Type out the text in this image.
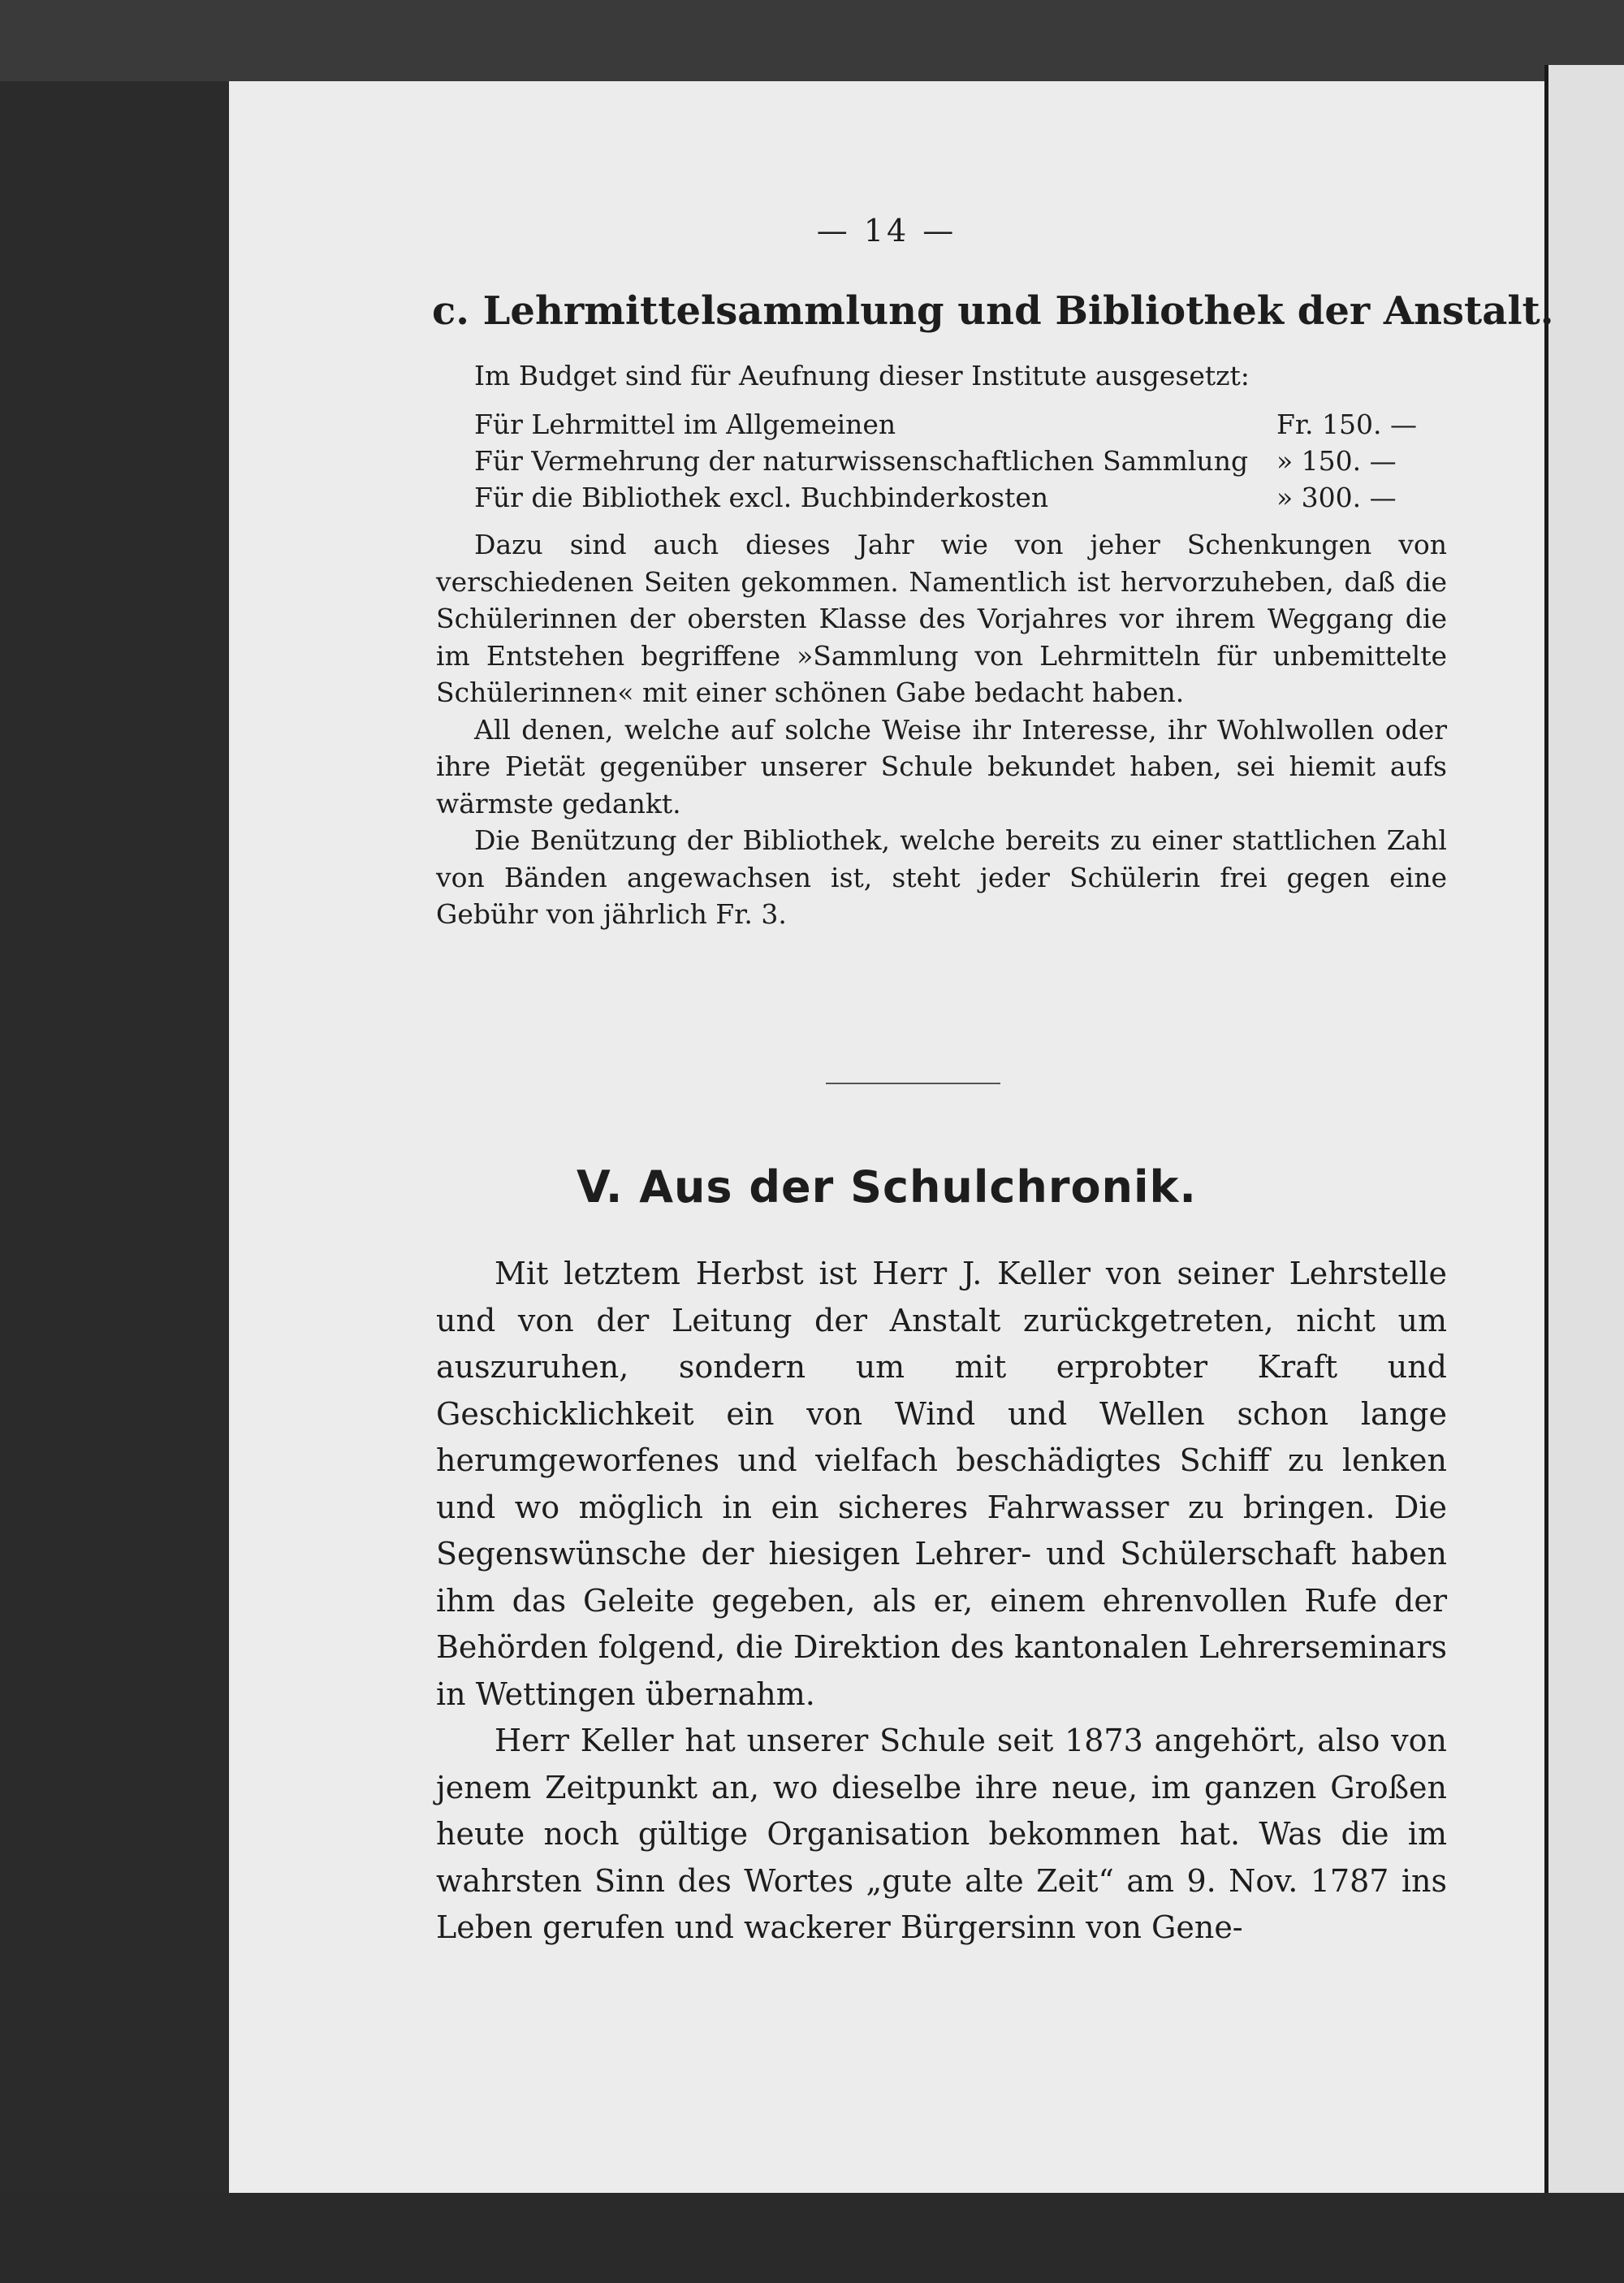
— 14 —
c. Lehrmittelsammlung und Bibliothek der Anstalt.
Im Budget sind für Aeufnung dieser Institute ausgesetzt:
Für Lehrmittel im Allgemeinen	Fr. 150. —
Für Vermehrung der naturwissenschaftlichen Sammlung » 150. —
Für die Bibliothek excl. Buchbinderkosten	» 300. —

Dazu sind auch dieses Jahr wie von jeher Schenkungen von verschiedenen Seiten gekommen. Namentlich ist hervorzuheben, daß die Schülerinnen der obersten Klasse des Vorjahres vor ihrem Weggang die im Entstehen begriffene »Sammlung von Lehrmitteln für unbemittelte Schülerinnen« mit einer schönen Gabe bedacht haben.

All denen, welche auf solche Weise ihr Interesse, ihr Wohlwollen oder ihre Pietät gegenüber unserer Schule bekundet haben, sei hiemit aufs wärmste gedankt.

Die Benützung der Bibliothek, welche bereits zu einer stattlichen Zahl von Bänden angewachsen ist, steht jeder Schülerin frei gegen eine Gebühr von jährlich Fr. 3.

V. Aus der Schulchronik.

Mit letztem Herbst ist Herr J. Keller von seiner Lehrstelle und von der Leitung der Anstalt zurückgetreten, nicht um auszuruhen, sondern um mit erprobter Kraft und Geschicklichkeit ein von Wind und Wellen schon lange herumgeworfenes und vielfach beschädigtes Schiff zu lenken und wo möglich in ein sicheres Fahrwasser zu bringen. Die Segenswünsche der hiesigen Lehrer- und Schülerschaft haben ihm das Geleite gegeben, als er, einem ehrenvollen Rufe der Behörden folgend, die Direktion des kantonalen Lehrerseminars in Wettingen übernahm.

Herr Keller hat unserer Schule seit 1873 angehört, also von jenem Zeitpunkt an, wo dieselbe ihre neue, im ganzen Großen heute noch gültige Organisation bekommen hat. Was die im wahrsten Sinn des Wortes „gute alte Zeit“ am 9. Nov. 1787 ins Leben gerufen und wackerer Bürgersinn von Gene-
